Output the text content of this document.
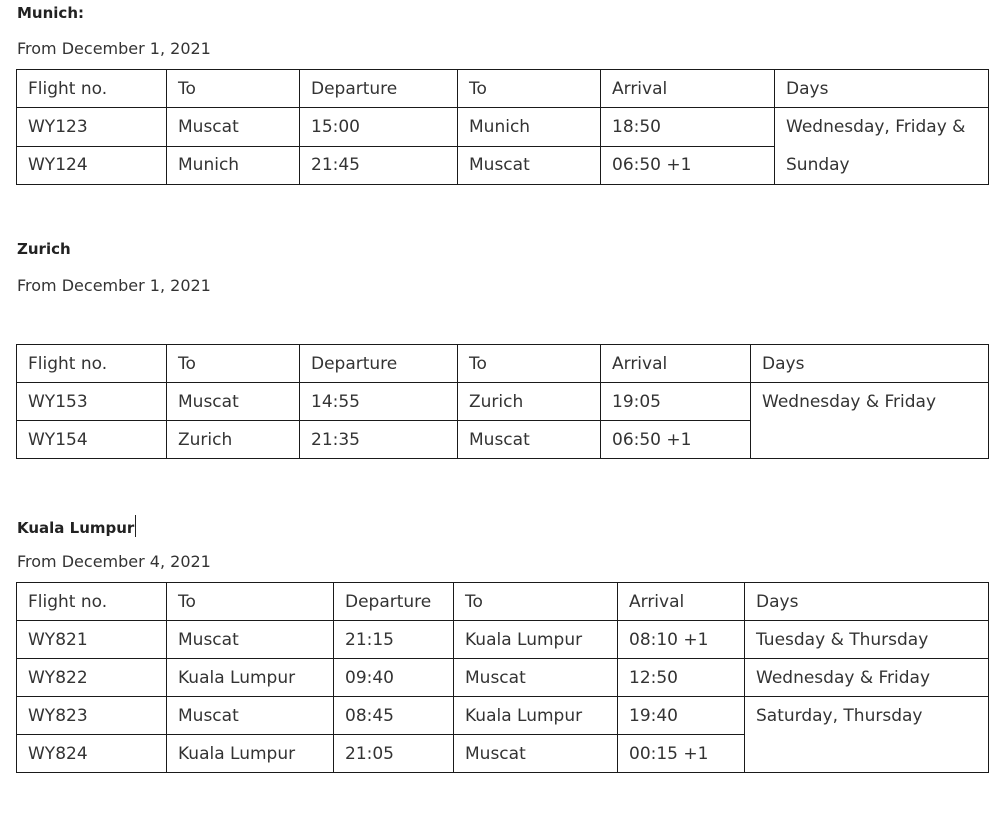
Munich:

From December 1, 2021

Flight no.	To	Departure	To	Arrival	Days
WY123	Muscat	15:00	Munich	18:50	Wednesday, Friday & Sunday
WY124	Munich	21:45	Muscat	06:50 +1	

Zurich

From December 1, 2021

Flight no.	To	Departure	To	Arrival	Days
WY153	Muscat	14:55	Zurich	19:05	Wednesday & Friday
WY154	Zurich	21:35	Muscat	06:50 +1	

Kuala Lumpur

From December 4, 2021

Flight no.	To	Departure	To	Arrival	Days
WY821	Muscat	21:15	Kuala Lumpur	08:10 +1	Tuesday & Thursday
WY822	Kuala Lumpur	09:40	Muscat	12:50	Wednesday & Friday
WY823	Muscat	08:45	Kuala Lumpur	19:40	Saturday, Thursday
WY824	Kuala Lumpur	21:05	Muscat	00:15 +1	
